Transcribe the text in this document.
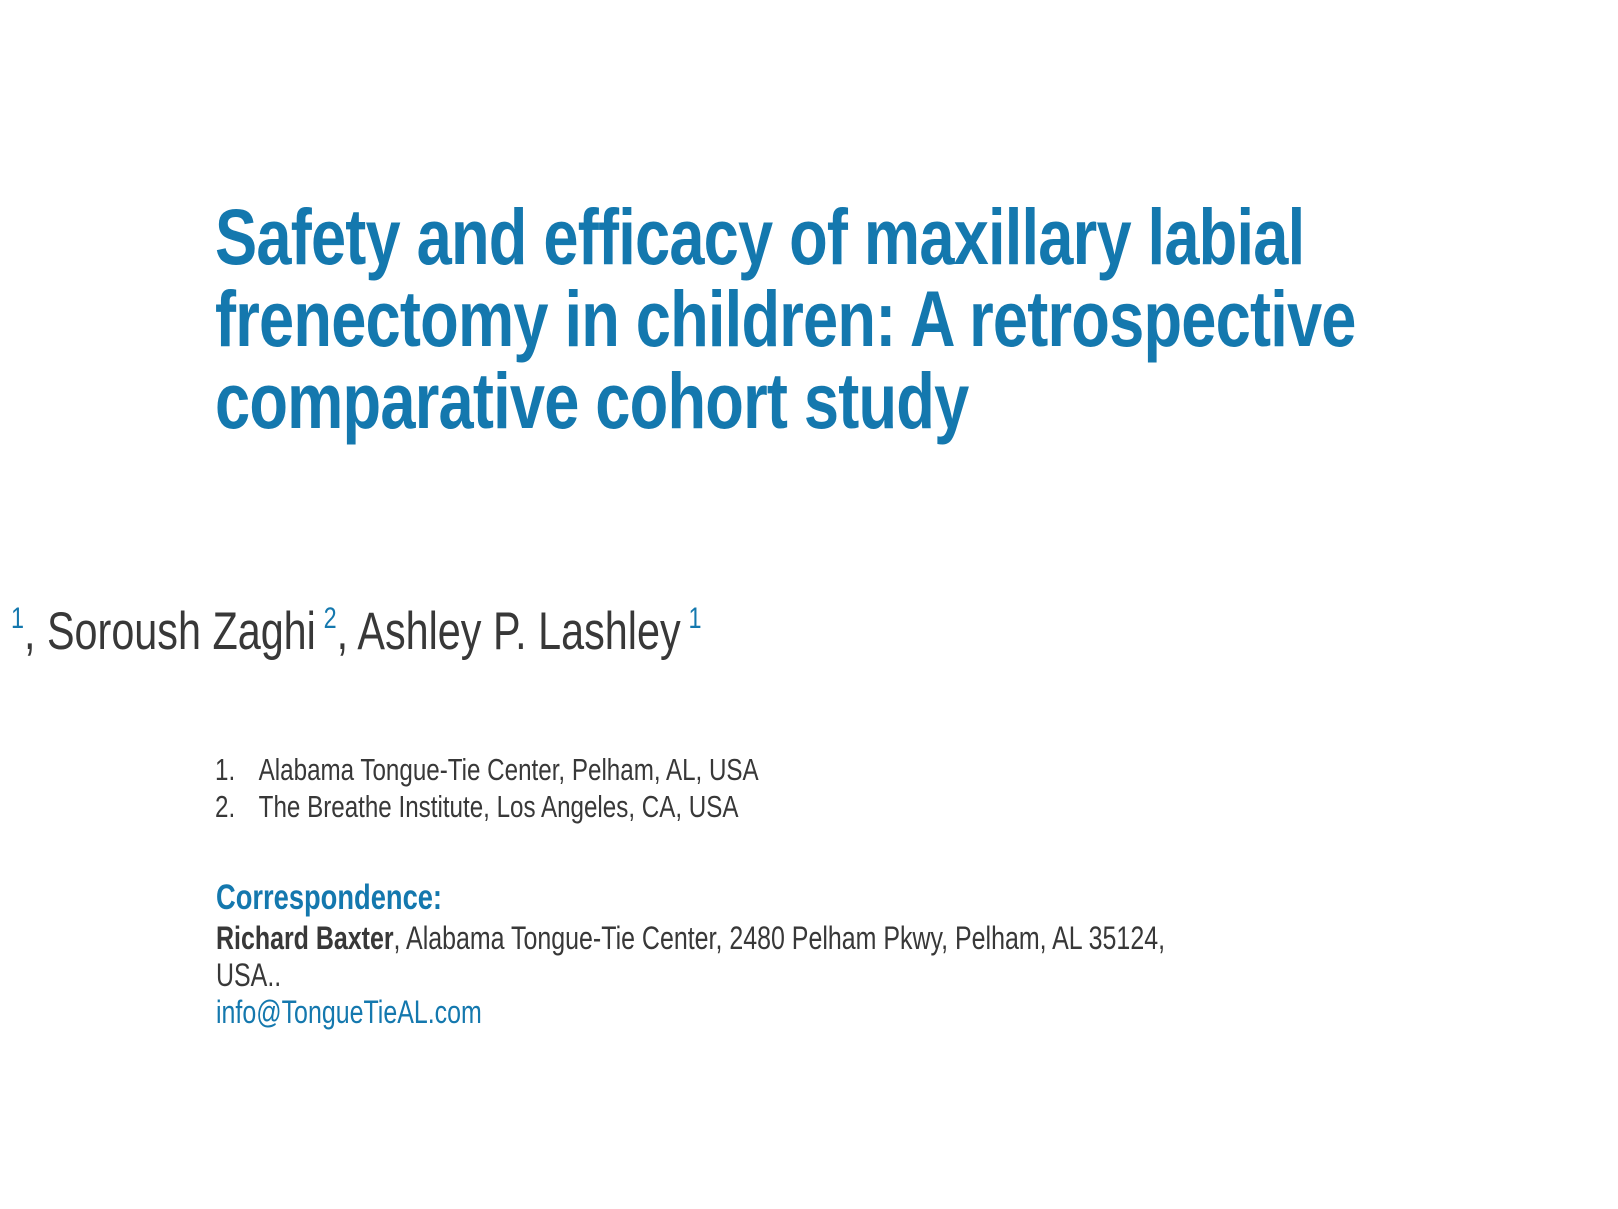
Safety and efficacy of maxillary labial
frenectomy in children: A retrospective
comparative cohort study
$^1$, Soroush Zaghi $^2$, Ashley P. Lashley $^1$
1. Alabama Tongue-Tie Center, Pelham, AL, USA
2. The Breathe Institute, Los Angeles, CA, USA
Correspondence:
Richard Baxter, Alabama Tongue-Tie Center, 2480 Pelham Pkwy, Pelham, AL 35124,
USA..
info@TongueTieAL.com
